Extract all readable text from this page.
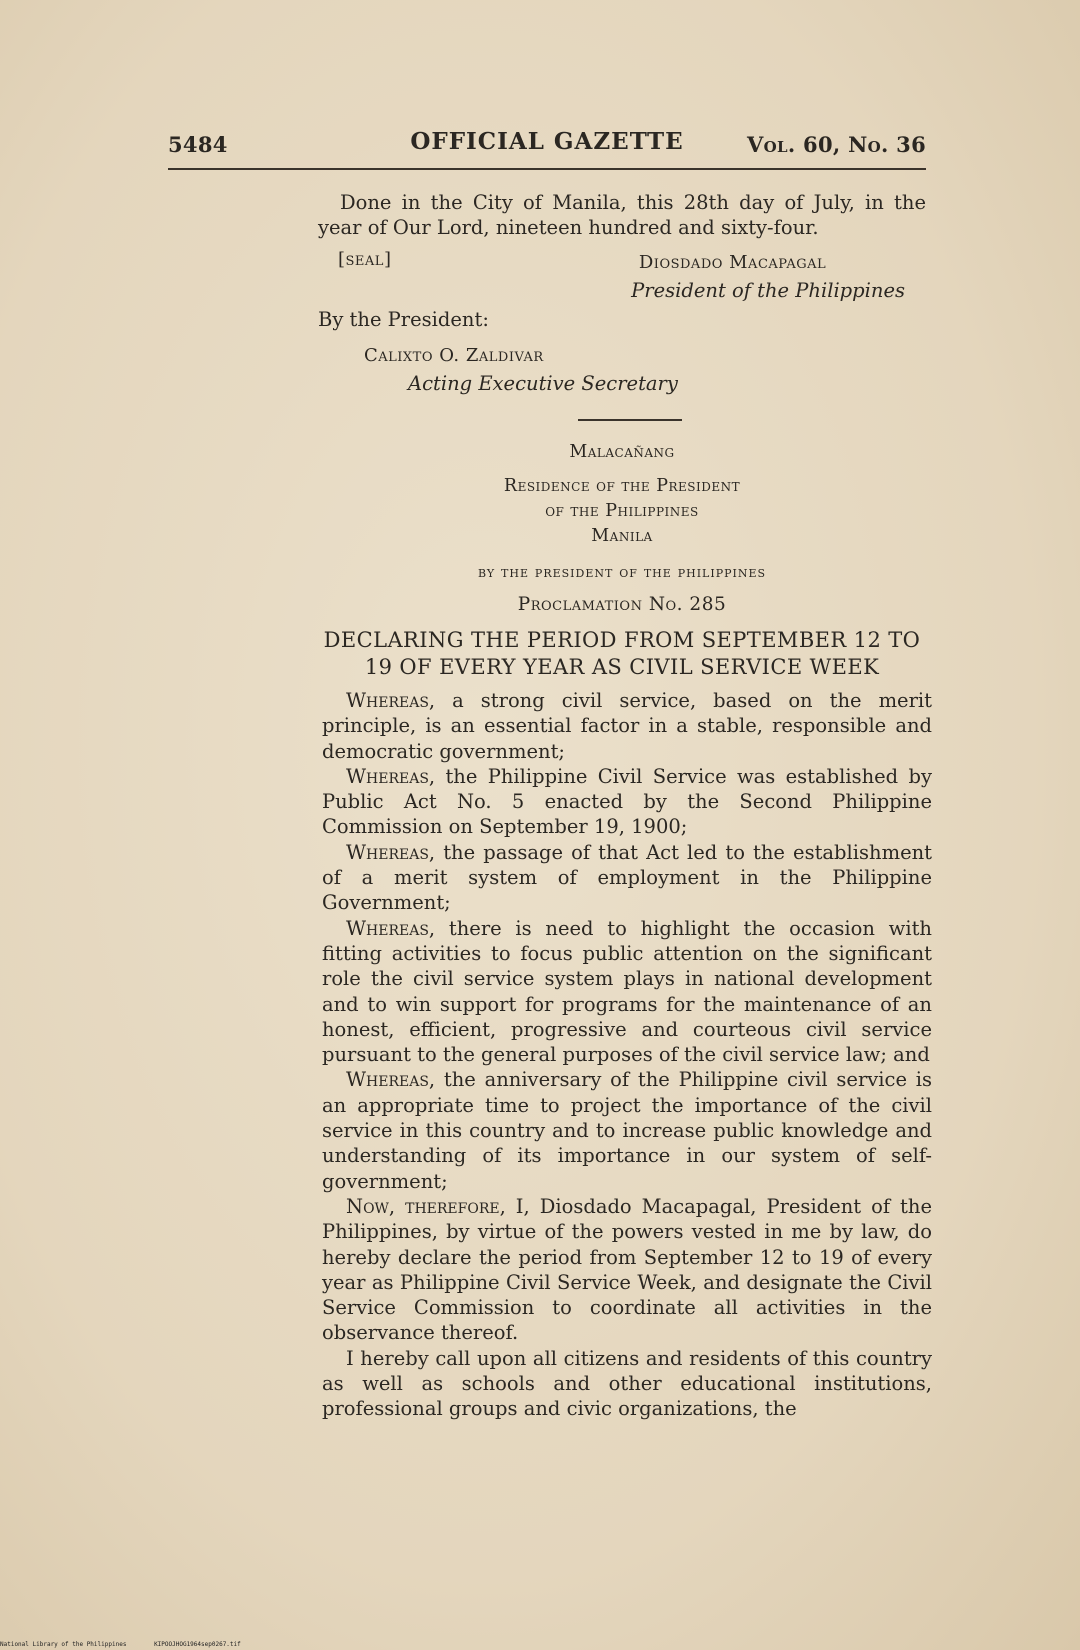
5484	OFFICIAL GAZETTE	Vol. 60, No. 36
Done in the City of Manila, this 28th day of July, in the year of Our Lord, nineteen hundred and sixty-four.
[seal]	Diosdado Macapagal
President of the Philippines
By the President:
Calixto O. Zaldivar
Acting Executive Secretary
Malacañang
Residence of the President
of the Philippines
Manila
by the president of the philippines
Proclamation No. 285
DECLARING THE PERIOD FROM SEPTEMBER 12 TO 19 OF EVERY YEAR AS CIVIL SERVICE WEEK

Whereas, a strong civil service, based on the merit principle, is an essential factor in a stable, responsible and democratic government;

Whereas, the Philippine Civil Service was established by Public Act No. 5 enacted by the Second Philippine Commission on September 19, 1900;

Whereas, the passage of that Act led to the establishment of a merit system of employment in the Philippine Government;

Whereas, there is need to highlight the occasion with fitting activities to focus public attention on the significant role the civil service system plays in national development and to win support for programs for the maintenance of an honest, efficient, progressive and courteous civil service pursuant to the general purposes of the civil service law; and

Whereas, the anniversary of the Philippine civil service is an appropriate time to project the importance of the civil service in this country and to increase public knowledge and understanding of its importance in our system of self-government;

Now, therefore, I, Diosdado Macapagal, President of the Philippines, by virtue of the powers vested in me by law, do hereby declare the period from September 12 to 19 of every year as Philippine Civil Service Week, and designate the Civil Service Commission to coordinate all activities in the observance thereof.

I hereby call upon all citizens and residents of this country as well as schools and other educational institutions, professional groups and civic organizations, the

National Library of the Philippines	KIPOOJHOG1964sep0267.tif
